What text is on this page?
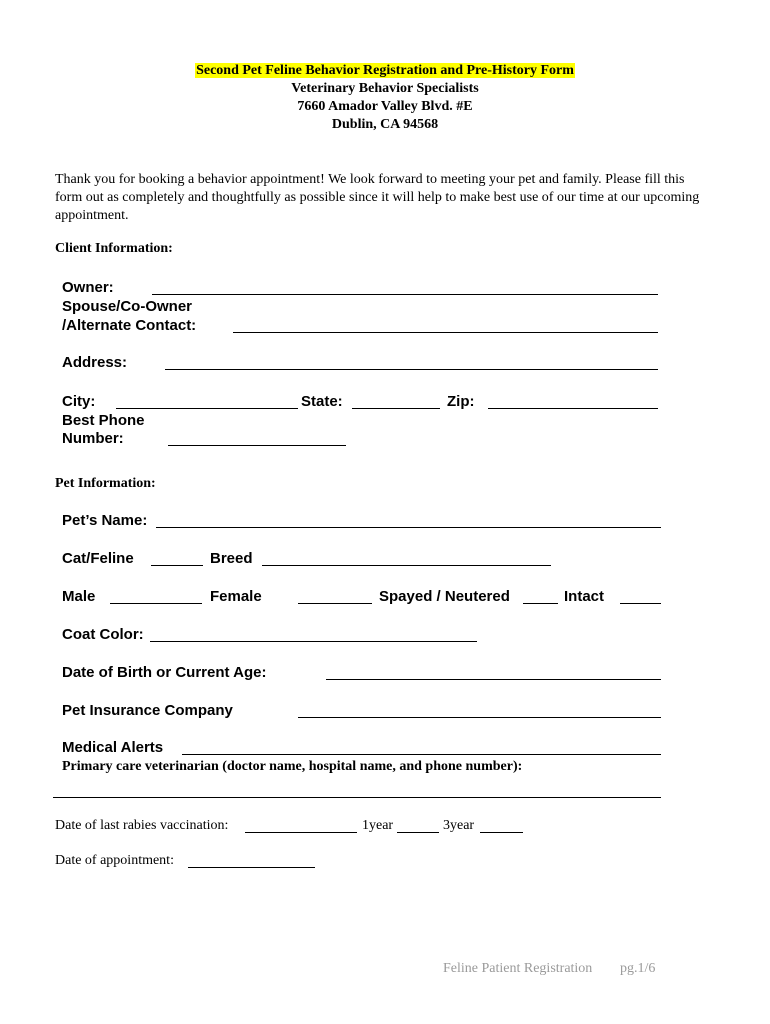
Second Pet Feline Behavior Registration and Pre-History Form
Veterinary Behavior Specialists
7660 Amador Valley Blvd. #E
Dublin, CA 94568
Thank you for booking a behavior appointment! We look forward to meeting your pet and family. Please fill this form out as completely and thoughtfully as possible since it will help to make best use of our time at our upcoming appointment.
Client Information:
Owner:
Spouse/Co-Owner
/Alternate Contact:
Address:
City:	State:	Zip:
Best Phone
Number:
Pet Information:
Pet’s Name:
Cat/Feline	Breed
Male	Female	Spayed / Neutered	Intact
Coat Color:
Date of Birth or Current Age:
Pet Insurance Company
Medical Alerts
Primary care veterinarian (doctor name, hospital name, and phone number):
Date of last rabies vaccination:	1year	3year
Date of appointment:
Feline Patient Registration pg.1/6
